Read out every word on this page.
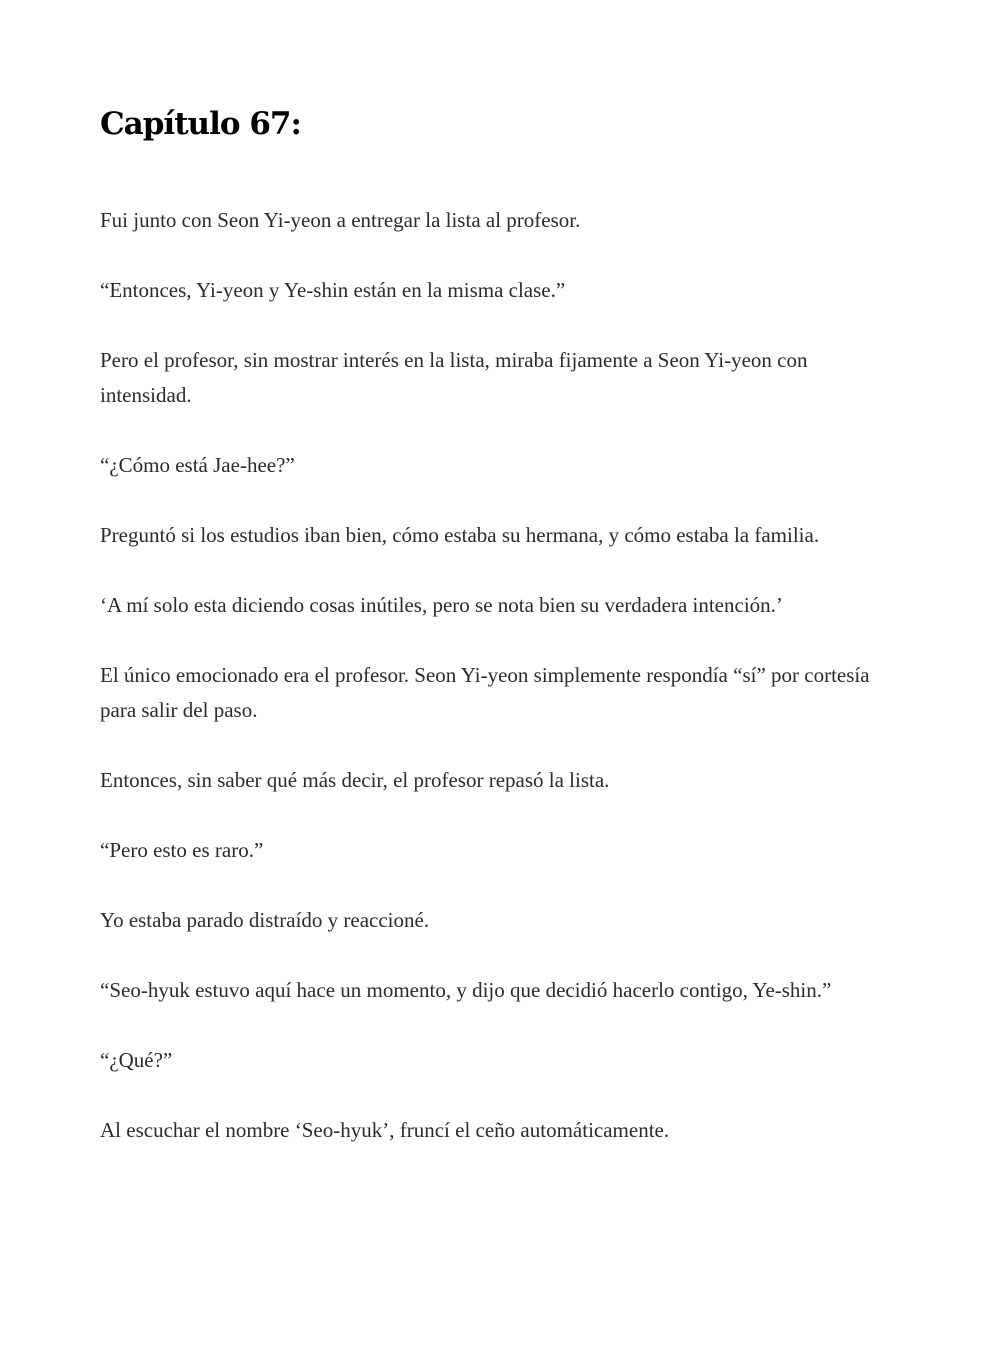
Capítulo 67:

Fui junto con Seon Yi-yeon a entregar la lista al profesor.

“Entonces, Yi-yeon y Ye-shin están en la misma clase.”

Pero el profesor, sin mostrar interés en la lista, miraba fijamente a Seon Yi-yeon con intensidad.

“¿Cómo está Jae-hee?”

Preguntó si los estudios iban bien, cómo estaba su hermana, y cómo estaba la familia.

‘A mí solo esta diciendo cosas inútiles, pero se nota bien su verdadera intención.’

El único emocionado era el profesor. Seon Yi-yeon simplemente respondía “sí” por cortesía para salir del paso.

Entonces, sin saber qué más decir, el profesor repasó la lista.

“Pero esto es raro.”

Yo estaba parado distraído y reaccioné.

“Seo-hyuk estuvo aquí hace un momento, y dijo que decidió hacerlo contigo, Ye-shin.”

“¿Qué?”

Al escuchar el nombre ‘Seo-hyuk’, fruncí el ceño automáticamente.
